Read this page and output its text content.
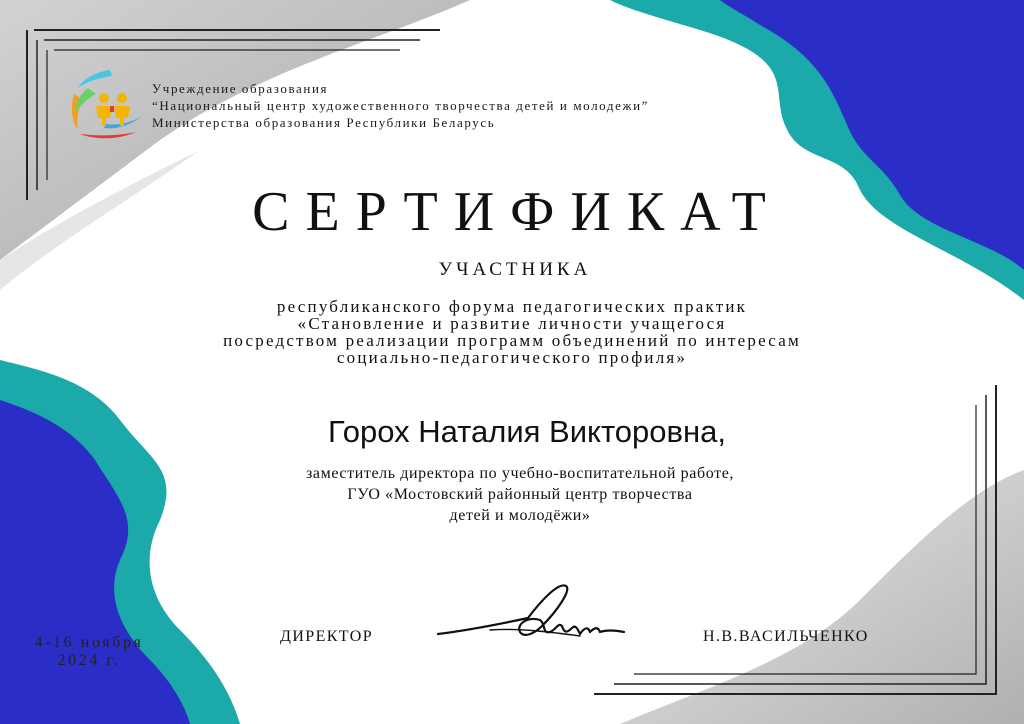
Учреждение образования
“Национальный центр художественного творчества детей и молодежи”
Министерства образования Республики Беларусь
СЕРТИФИКАТ
УЧАСТНИКА
республиканского форума педагогических практик
«Становление и развитие личности учащегося
посредством реализации программ объединений по интересам
социально-педагогического профиля»
Горох Наталия Викторовна,
заместитель директора по учебно-воспитательной работе,
ГУО «Мостовский районный центр творчества
детей и молодёжи»
4-16 ноября
2024 г.
ДИРЕКТОР	Н.В.ВАСИЛЬЧЕНКО
